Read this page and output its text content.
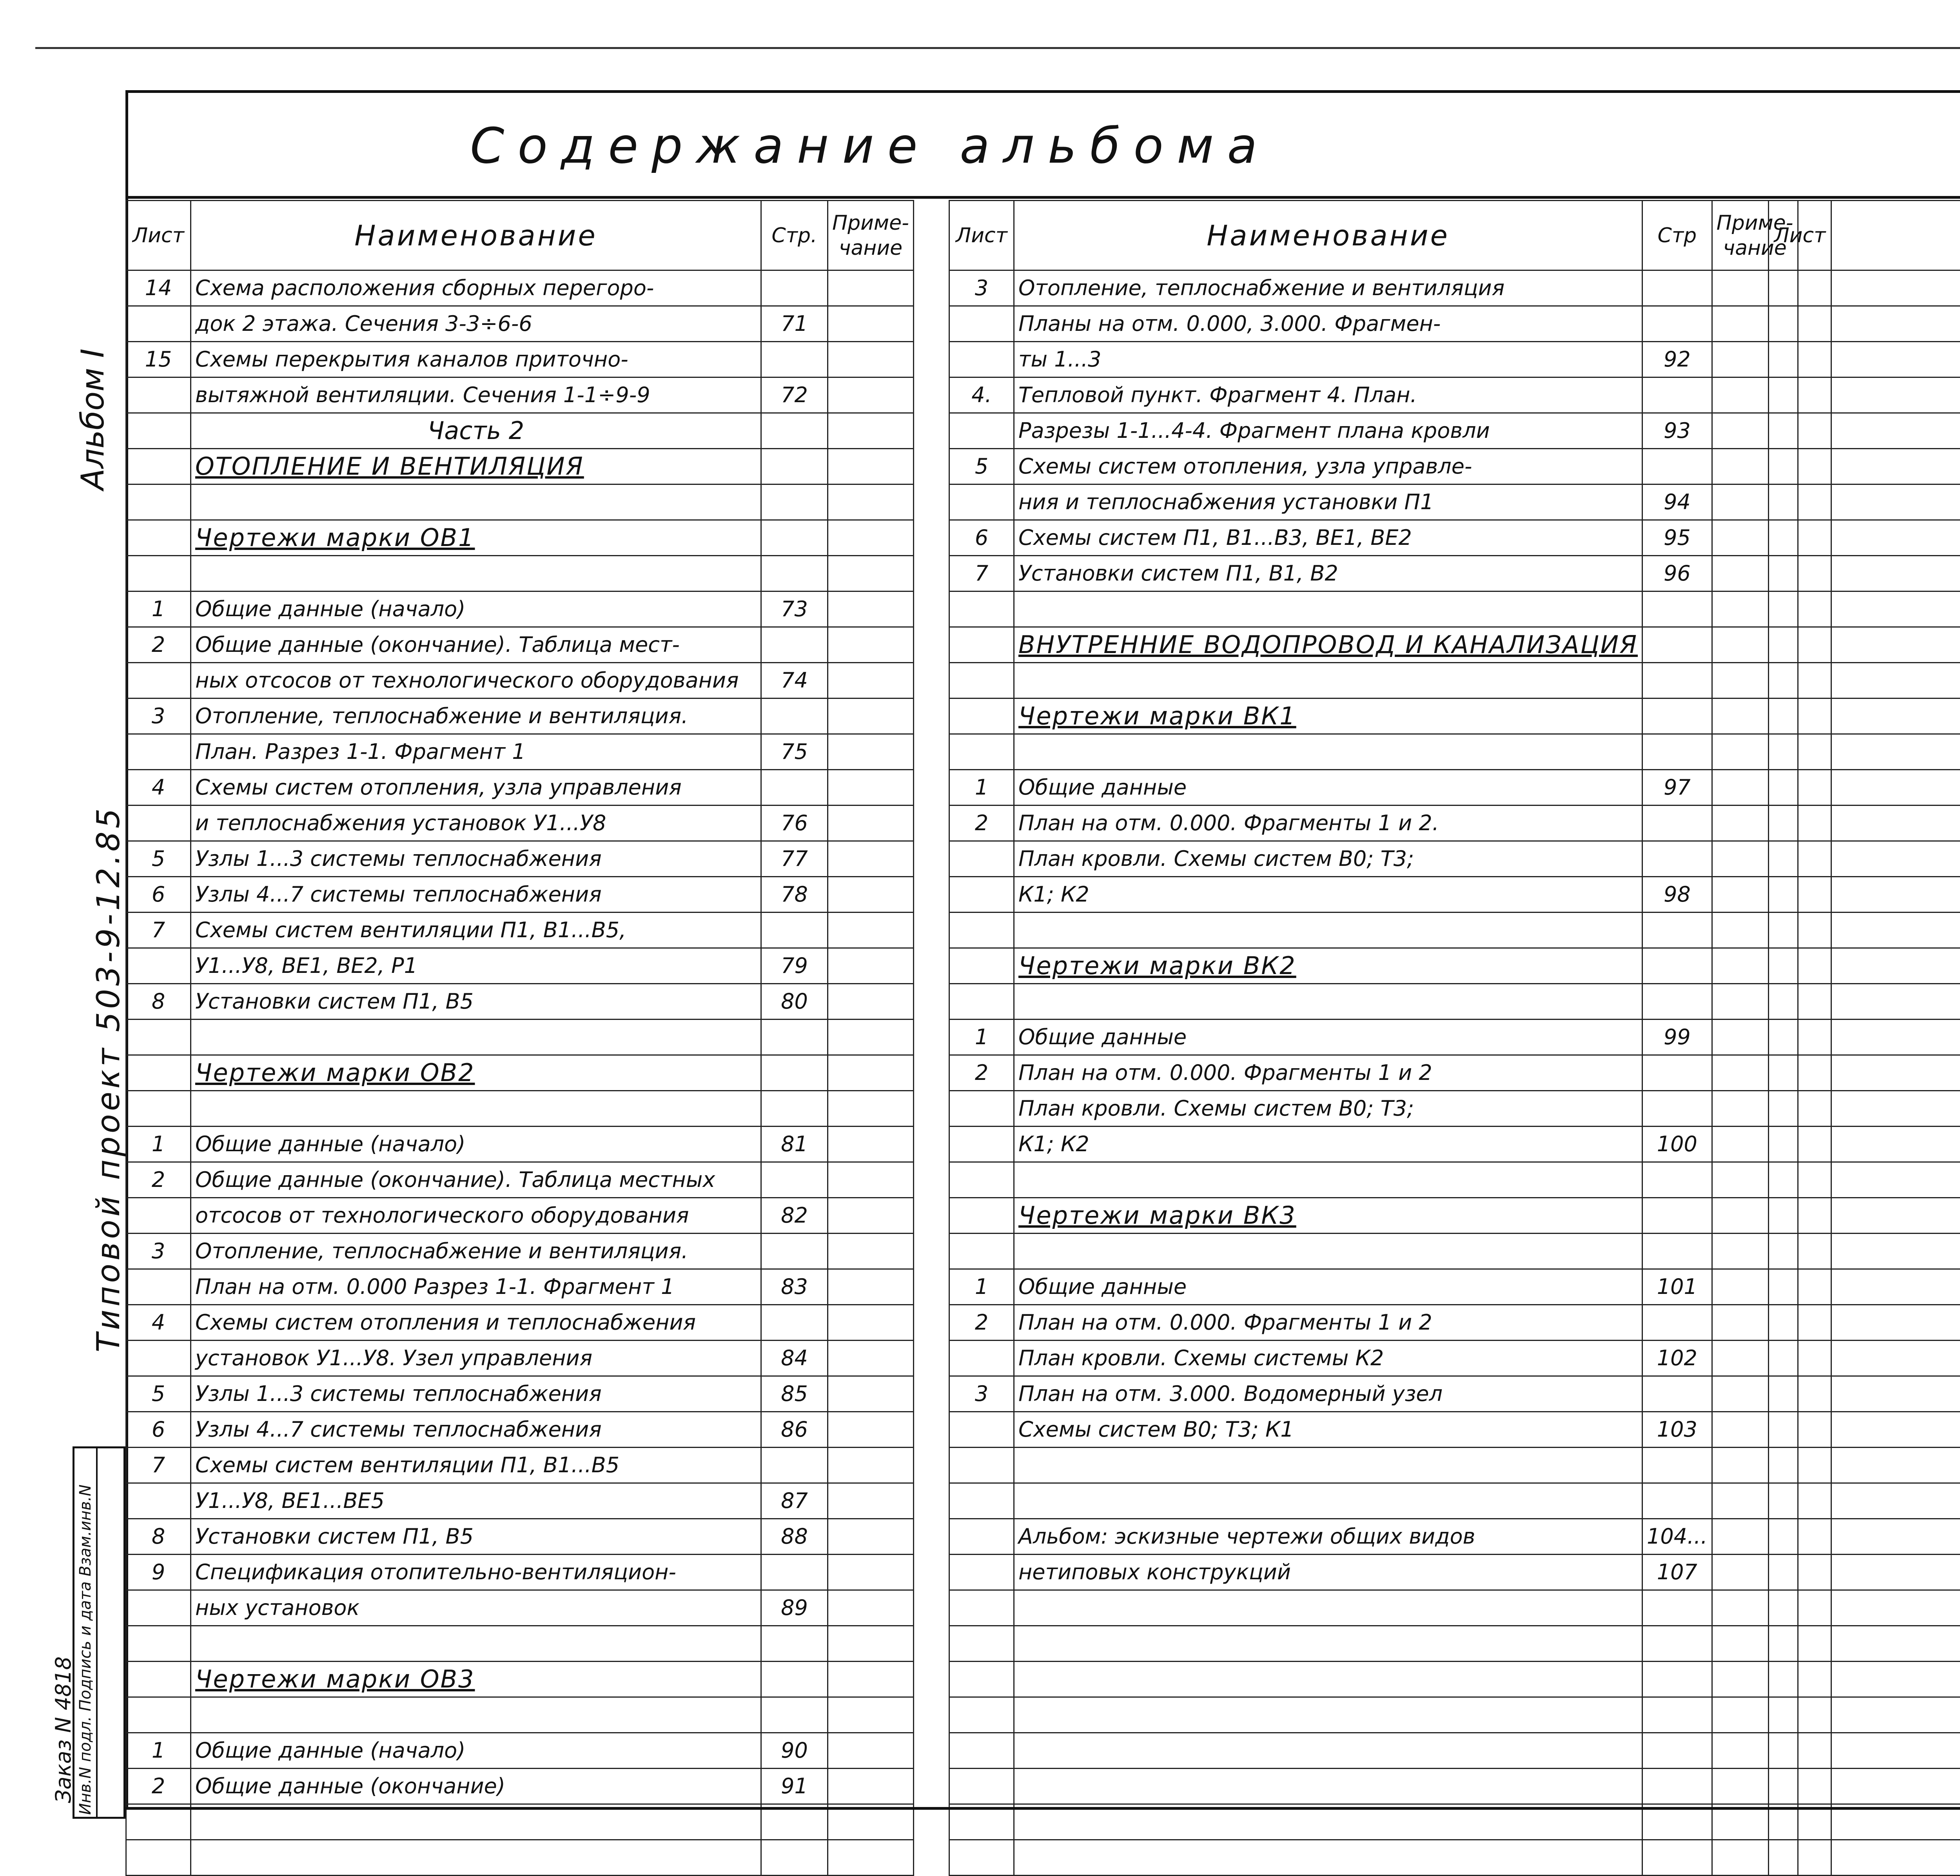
Содержание альбома
Лист	Наименование	Стр.	Приме-чание
14	Схема расположения сборных перегоро-		
	док 2 этажа. Сечения 3-3÷6-6	71	
15	Схемы перекрытия каналов приточно-		
	вытяжной вентиляции. Сечения 1-1÷9-9	72	
	Часть 2		
	ОТОПЛЕНИЕ И ВЕНТИЛЯЦИЯ		

	Чертежи марки ОВ1		

1	Общие данные (начало)	73	
2	Общие данные (окончание). Таблица мест-		
	ных отсосов от технологического оборудования	74	
3	Отопление, теплоснабжение и вентиляция.		
	План. Разрез 1-1. Фрагмент 1	75	
4	Схемы систем отопления, узла управления		
	и теплоснабжения установок У1...У8	76	
5	Узлы 1...3 системы теплоснабжения	77	
6	Узлы 4...7 системы теплоснабжения	78	
7	Схемы систем вентиляции П1, В1...В5,		
	У1...У8, ВЕ1, ВЕ2, Р1	79	
8	Установки систем П1, В5	80	

	Чертежи марки ОВ2		

1	Общие данные (начало)	81	
2	Общие данные (окончание). Таблица местных		
	отсосов от технологического оборудования	82	
3	Отопление, теплоснабжение и вентиляция.		
	План на отм. 0.000 Разрез 1-1. Фрагмент 1	83	
4	Схемы систем отопления и теплоснабжения		
	установок У1...У8. Узел управления	84	
5	Узлы 1...3 системы теплоснабжения	85	
6	Узлы 4...7 системы теплоснабжения	86	
7	Схемы систем вентиляции П1, В1...В5		
	У1...У8, ВЕ1...ВЕ5	87	
8	Установки систем П1, В5	88	
9	Спецификация отопительно-вентиляцион-		
	ных установок	89	

	Чертежи марки ОВ3		

1	Общие данные (начало)	90	
2	Общие данные (окончание)	91	

Лист	Наименование	Стр	Приме-чание
3	Отопление, теплоснабжение и вентиляция		
	Планы на отм. 0.000, 3.000. Фрагмен-		
	ты 1...3	92	
4.	Тепловой пункт. Фрагмент 4. План.		
	Разрезы 1-1...4-4. Фрагмент плана кровли	93	
5	Схемы систем отопления, узла управле-		
	ния и теплоснабжения установки П1	94	
6	Схемы систем П1, В1...В3, ВЕ1, ВЕ2	95	
7	Установки систем П1, В1, В2	96	

	ВНУТРЕННИЕ ВОДОПРОВОД И КАНАЛИЗАЦИЯ		

	Чертежи марки ВК1		

1	Общие данные	97	
2	План на отм. 0.000. Фрагменты 1 и 2.		
	План кровли. Схемы систем В0; Т3;		
	К1; К2	98	

	Чертежи марки ВК2		

1	Общие данные	99	
2	План на отм. 0.000. Фрагменты 1 и 2		
	План кровли. Схемы систем В0; Т3;		
	К1; К2	100	

	Чертежи марки ВК3		

1	Общие данные	101	
2	План на отм. 0.000. Фрагменты 1 и 2		
	План кровли. Схемы системы К2	102	
3	План на отм. 3.000. Водомерный узел		
	Схемы систем В0; Т3; К1	103	

	Альбом: эскизные чертежи общих видов	104...	
	нетиповых конструкций	107	

Лист			

Альбом I
Типовой проект 503-9-12.85
Заказ N 4818 Инв.N подл. Подпись и дата Взам.инв.N
